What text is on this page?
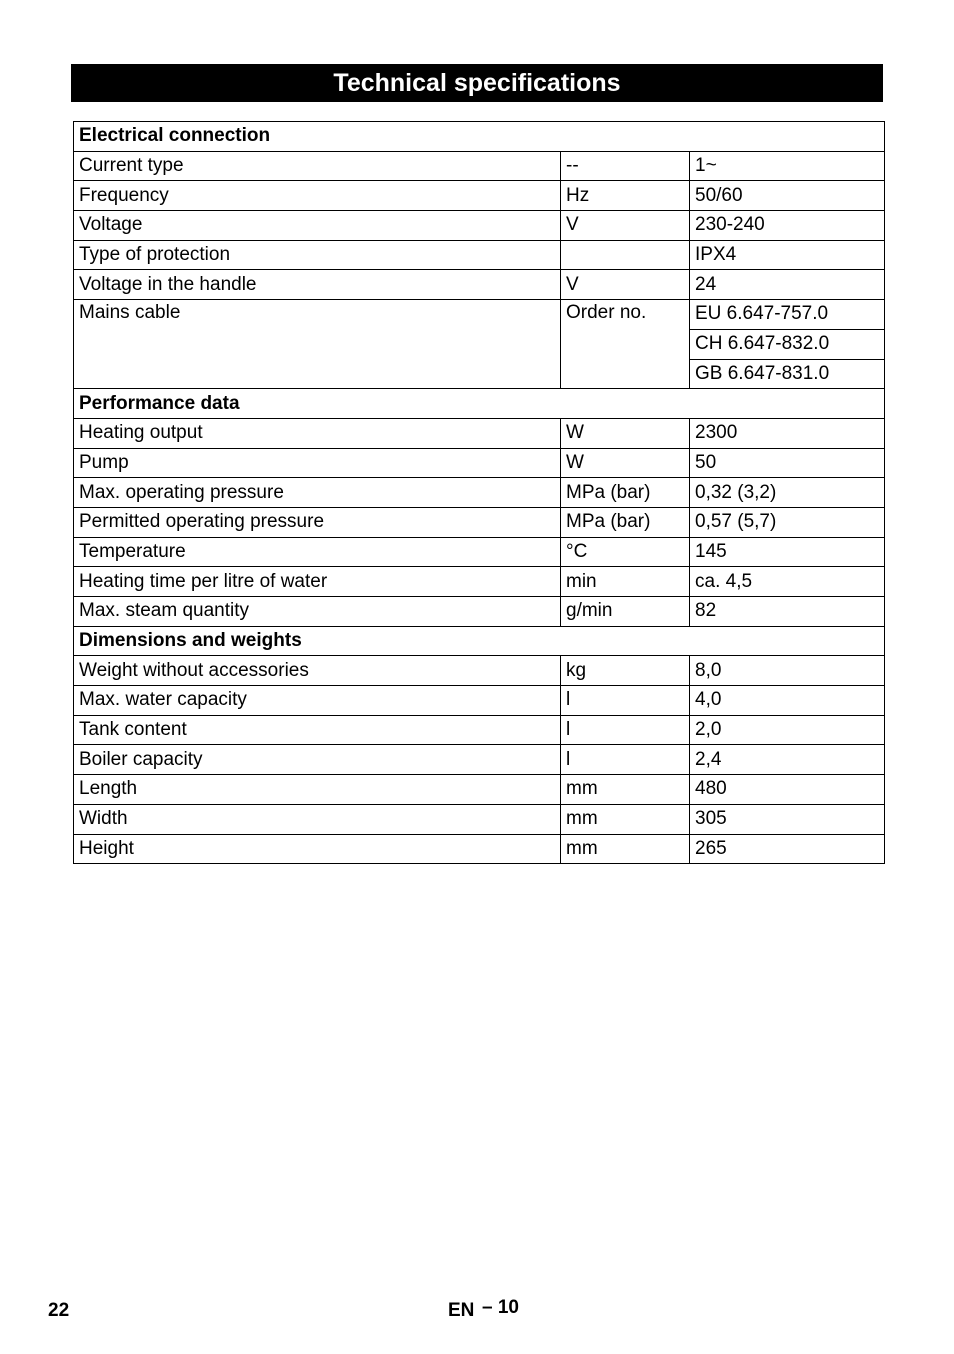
Technical specifications
Electrical connection		
Current type	--	1~
Frequency	Hz	50/60
Voltage	V	230-240
Type of protection		IPX4
Voltage in the handle	V	24
Mains cable	Order no.	EU 6.647-757.0
		CH 6.647-832.0
		GB 6.647-831.0
Performance data		
Heating output	W	2300
Pump	W	50
Max. operating pressure	MPa (bar)	0,32 (3,2)
Permitted operating pressure	MPa (bar)	0,57 (5,7)
Temperature	°C	145
Heating time per litre of water	min	ca. 4,5
Max. steam quantity	g/min	82
Dimensions and weights		
Weight without accessories	kg	8,0
Max. water capacity	l	4,0
Tank content	l	2,0
Boiler capacity	l	2,4
Length	mm	480
Width	mm	305
Height	mm	265
22	EN – 10
